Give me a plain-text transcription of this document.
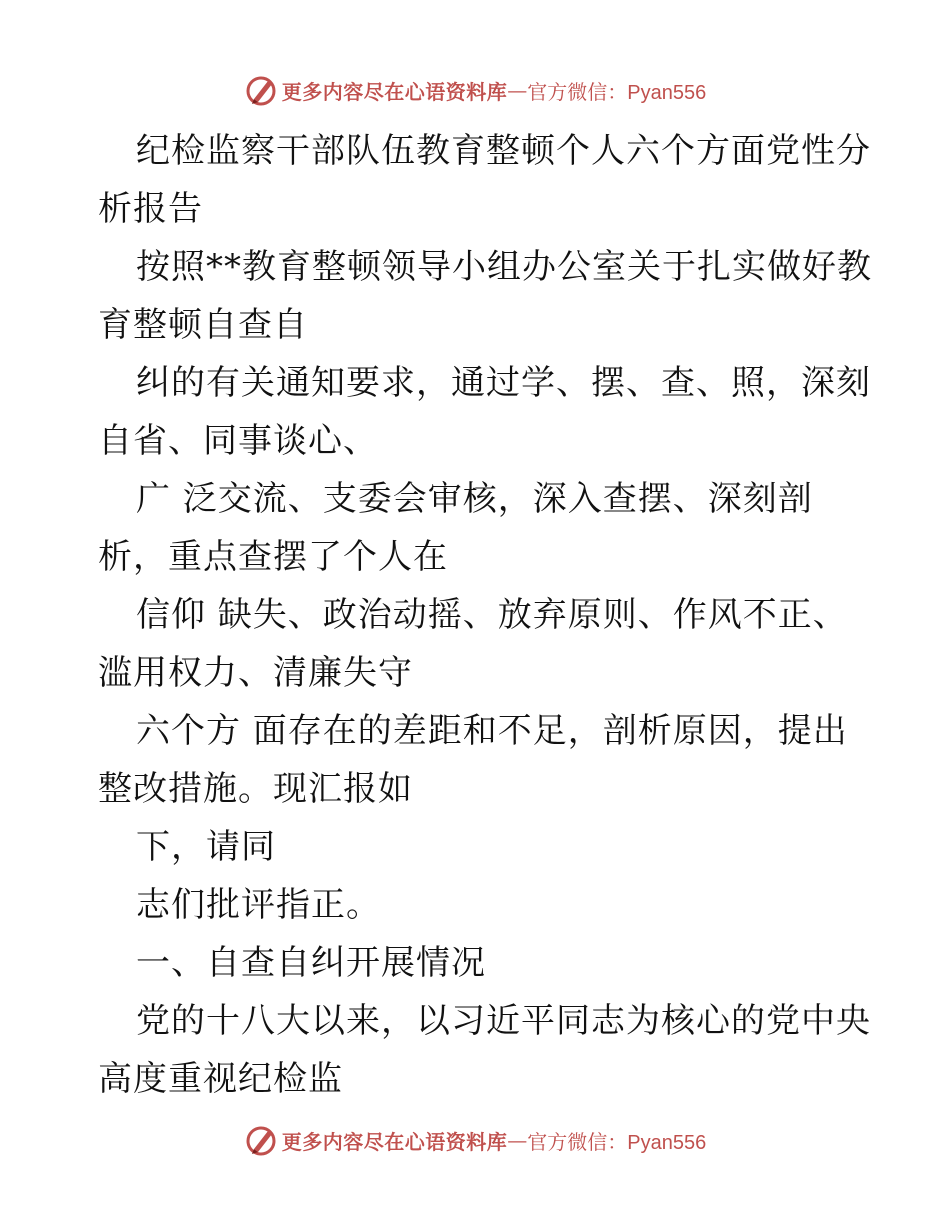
更多内容尽在心语资料库 — 官方微信：Pyan556
纪检监察干部队伍教育整顿个人六个方面党性分
析报告
按照**教育整顿领导小组办公室关于扎实做好教
育整顿自查自
纠的有关通知要求，通过学、摆、查、照，深刻
自省、同事谈心、
广 泛交流、支委会审核，深入查摆、深刻剖
析，重点查摆了个人在
信仰 缺失、政治动摇、放弃原则、作风不正、
滥用权力、清廉失守
六个方 面存在的差距和不足，剖析原因，提出
整改措施。现汇报如
下，请同
志们批评指正。
一、自查自纠开展情况
党的十八大以来，以习近平同志为核心的党中央
高度重视纪检监
更多内容尽在心语资料库 — 官方微信：Pyan556
